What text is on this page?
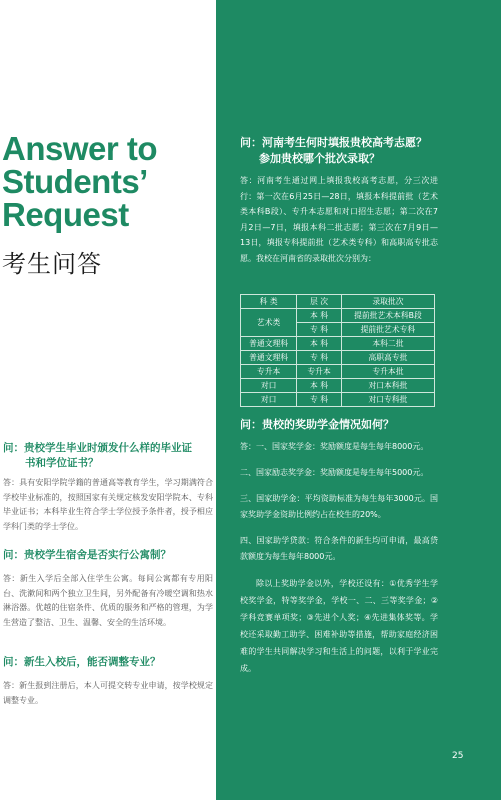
Answer to
Students’
Request
考生问答
问：贵校学生毕业时颁发什么样的毕业证
书和学位证书？
答：具有安阳学院学籍的普通高等教育学生，学习期满符合学校毕业标准的，按照国家有关规定核发安阳学院本、专科毕业证书；本科毕业生符合学士学位授予条件者，授予相应学科门类的学士学位。
问：贵校学生宿舍是否实行公寓制？
答：新生入学后全部入住学生公寓。每间公寓都有专用阳台、洗漱间和两个独立卫生间，另外配备有冷暖空调和热水淋浴器。优越的住宿条件、优质的服务和严格的管理，为学生营造了整洁、卫生、温馨、安全的生活环境。
问：新生入校后，能否调整专业？
答：新生报到注册后，本人可提交转专业申请，按学校规定调整专业。
问：河南考生何时填报贵校高考志愿？
参加贵校哪个批次录取？
答：河南考生通过网上填报我校高考志愿，分三次进行：第一次在6月25日—28日，填报本科提前批（艺术类本科B段）、专升本志愿和对口招生志愿；第二次在7月2日—7日，填报本科二批志愿；第三次在7月9日—13日，填报专科提前批（艺术类专科）和高职高专批志愿。我校在河南省的录取批次分别为：
科 类	层 次	录取批次
艺术类	本 科	提前批艺术本科B段
	专 科	提前批艺术专科
普通文理科	本 科	本科二批
普通文理科	专 科	高职高专批
专升本	专升本	专升本批
对口	本 科	对口本科批
对口	专 科	对口专科批
问：贵校的奖助学金情况如何？

答：一、国家奖学金：奖励额度是每生每年8000元。

二、国家励志奖学金：奖励额度是每生每年5000元。

三、国家助学金：平均资助标准为每生每年3000元。国家奖助学金资助比例约占在校生的20%。

四、国家助学贷款：符合条件的新生均可申请，最高贷款额度为每生每年8000元。

除以上奖助学金以外，学校还设有：①优秀学生学校奖学金，特等奖学金，学校一、二、三等奖学金；②学科竞赛单项奖；③先进个人奖；④先进集体奖等。学校还采取勤工助学、困难补助等措施，帮助家庭经济困难的学生共同解决学习和生活上的问题，以利于学业完成。

25
